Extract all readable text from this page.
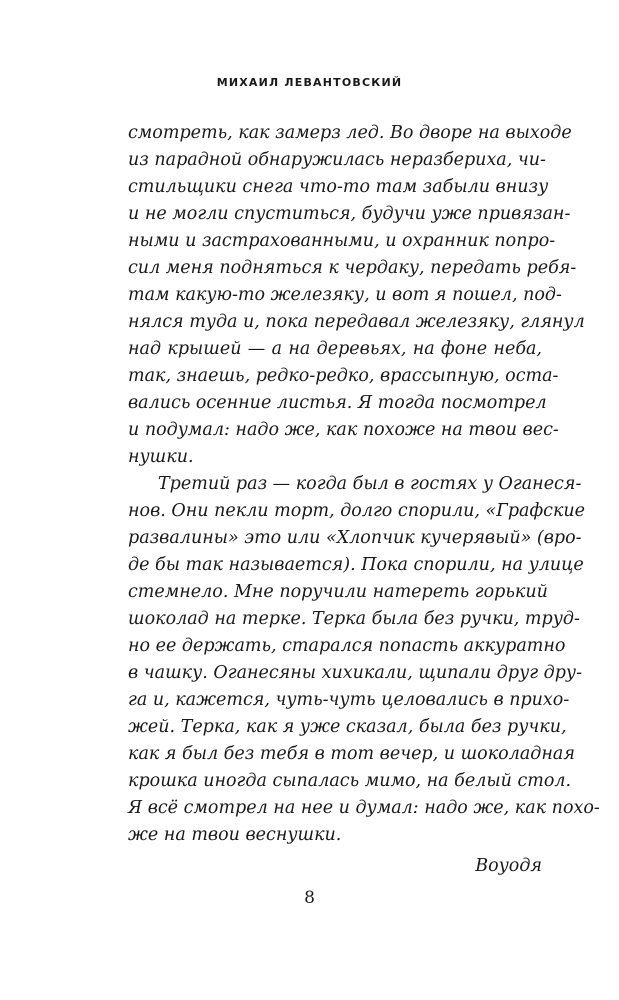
МИХАИЛ ЛЕВАНТОВСКИЙ
смотреть, как замерз лед. Во дворе на выходе
из парадной обнаружилась неразбериха, чи-
стильщики снега что-то там забыли внизу
и не могли спуститься, будучи уже привязан-
ными и застрахованными, и охранник попро-
сил меня подняться к чердаку, передать ребя-
там какую-то железяку, и вот я пошел, под-
нялся туда и, пока передавал железяку, глянул
над крышей — а на деревьях, на фоне неба,
так, знаешь, редко-редко, врассыпную, оста-
вались осенние листья. Я тогда посмотрел
и подумал: надо же, как похоже на твои вес-
нушки.
Третий раз — когда был в гостях у Оганеся-
нов. Они пекли торт, долго спорили, «Графские
развалины» это или «Хлопчик кучерявый» (вро-
де бы так называется). Пока спорили, на улице
стемнело. Мне поручили натереть горький
шоколад на терке. Терка была без ручки, труд-
но ее держать, старался попасть аккуратно
в чашку. Оганесяны хихикали, щипали друг дру-
га и, кажется, чуть-чуть целовались в прихо-
жей. Терка, как я уже сказал, была без ручки,
как я был без тебя в тот вечер, и шоколадная
крошка иногда сыпалась мимо, на белый стол.
Я всё смотрел на нее и думал: надо же, как похо-
же на твои веснушки.
Воуодя
8
